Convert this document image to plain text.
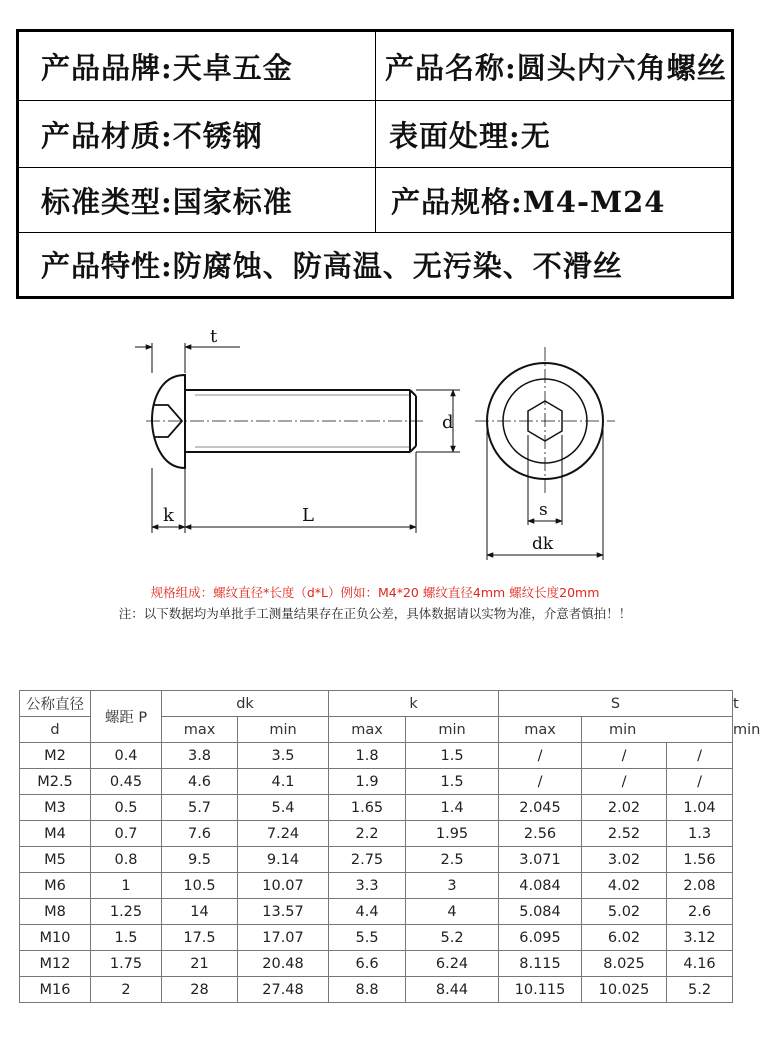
产品品牌:天卓五金	产品名称:圆头内六角螺丝
产品材质:不锈钢	表面处理:无
标准类型:国家标准	产品规格:M4-M24
产品特性:防腐蚀、防高温、无污染、不滑丝
t
k	L
d
s
dk
规格组成：螺纹直径*长度（d*L）例如：M4*20 螺纹直径4mm 螺纹长度20mm
注：以下数据均为单批手工测量结果存在正负公差，具体数据请以实物为准，介意者慎拍！！
公称直径	螺距 P	dk		k		S			t
d		max	min	max	min	max	min		min
M2	0.4	3.8	3.5	1.8	1.5	/	/	/	
M2.5	0.45	4.6	4.1	1.9	1.5	/	/	/	
M3	0.5	5.7	5.4	1.65	1.4	2.045	2.02	1.04	
M4	0.7	7.6	7.24	2.2	1.95	2.56	2.52	1.3	
M5	0.8	9.5	9.14	2.75	2.5	3.071	3.02	1.56	
M6	1	10.5	10.07	3.3	3	4.084	4.02	2.08	
M8	1.25	14	13.57	4.4	4	5.084	5.02	2.6	
M10	1.5	17.5	17.07	5.5	5.2	6.095	6.02	3.12	
M12	1.75	21	20.48	6.6	6.24	8.115	8.025	4.16	
M16	2	28	27.48	8.8	8.44	10.115	10.025	5.2	
